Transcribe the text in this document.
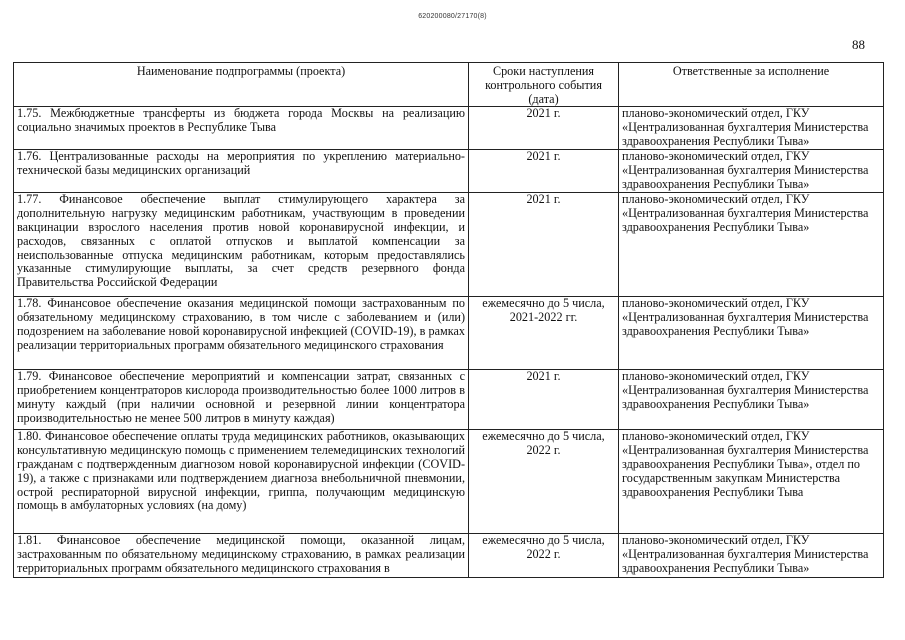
620200080/27170(8)
88
Наименование подпрограммы (проекта)	Сроки наступления контрольного события (дата)	Ответственные за исполнение
1.75. Межбюджетные трансферты из бюджета города Москвы на реализацию социально значимых проектов в Республике Тыва	2021 г.	планово-экономический отдел, ГКУ «Централизованная бухгалтерия Министерства здравоохранения Республики Тыва»
1.76. Централизованные расходы на мероприятия по укреплению материально-технической базы медицинских организаций	2021 г.	планово-экономический отдел, ГКУ «Централизованная бухгалтерия Министерства здравоохранения Республики Тыва»
1.77. Финансовое обеспечение выплат стимулирующего характера за дополнительную нагрузку медицинским работникам, участвующим в проведении вакцинации взрослого населения против новой коронавирусной инфекции, и расходов, связанных с оплатой отпусков и выплатой компенсации за неиспользованные отпуска медицинским работникам, которым предоставлялись указанные стимулирующие выплаты, за счет средств резервного фонда Правительства Российской Федерации	2021 г.	планово-экономический отдел, ГКУ «Централизованная бухгалтерия Министерства здравоохранения Республики Тыва»
1.78. Финансовое обеспечение оказания медицинской помощи застрахованным по обязательному медицинскому страхованию, в том числе с заболеванием и (или) подозрением на заболевание новой коронавирусной инфекцией (COVID-19), в рамках реализации территориальных программ обязательного медицинского страхования	ежемесячно до 5 числа, 2021-2022 гг.	планово-экономический отдел, ГКУ «Централизованная бухгалтерия Министерства здравоохранения Республики Тыва»
1.79. Финансовое обеспечение мероприятий и компенсации затрат, связанных с приобретением концентраторов кислорода производительностью более 1000 литров в минуту каждый (при наличии основной и резервной линии концентратора производительностью не менее 500 литров в минуту каждая)	2021 г.	планово-экономический отдел, ГКУ «Централизованная бухгалтерия Министерства здравоохранения Республики Тыва»
1.80. Финансовое обеспечение оплаты труда медицинских работников, оказывающих консультативную медицинскую помощь с применением телемедицинских технологий гражданам с подтвержденным диагнозом новой коронавирусной инфекции (COVID-19), а также с признаками или подтверждением диагноза внебольничной пневмонии, острой респираторной вирусной инфекции, гриппа, получающим медицинскую помощь в амбулаторных условиях (на дому)	ежемесячно до 5 числа, 2022 г.	планово-экономический отдел, ГКУ «Централизованная бухгалтерия Министерства здравоохранения Республики Тыва», отдел по государственным закупкам Министерства здравоохранения Республики Тыва
1.81. Финансовое обеспечение медицинской помощи, оказанной лицам, застрахованным по обязательному медицинскому страхованию, в рамках реализации территориальных программ обязательного медицинского страхования в	ежемесячно до 5 числа, 2022 г.	планово-экономический отдел, ГКУ «Централизованная бухгалтерия Министерства здравоохранения Республики Тыва»
